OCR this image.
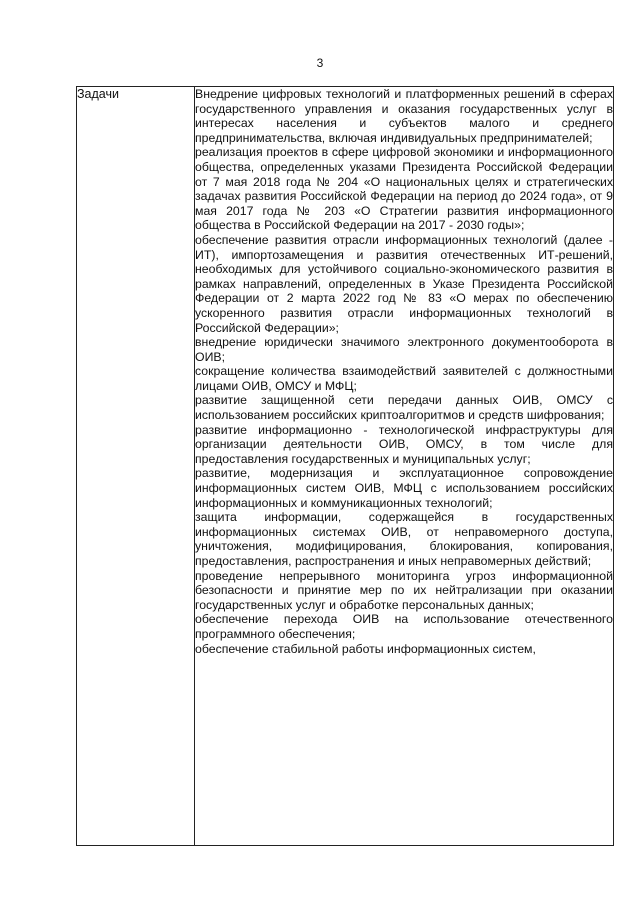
3
Задачи	Внедрение цифровых технологий и платформенных решений в сферах государственного управления и оказания государственных услуг в интересах населения и субъектов малого и среднего предпринимательства, включая индивидуальных предпринимателей;

реализация проектов в сфере цифровой экономики и информационного общества, определенных указами Президента Российской Федерации от 7 мая 2018 года № 204 «О национальных целях и стратегических задачах развития Российской Федерации на период до 2024 года», от 9 мая 2017 года № 203 «О Стратегии развития информационного общества в Российской Федерации на 2017 - 2030 годы»;

обеспечение развития отрасли информационных технологий (далее - ИТ), импортозамещения и развития отечественных ИТ-решений, необходимых для устойчивого социально-экономического развития в рамках направлений, определенных в Указе Президента Российской Федерации от 2 марта 2022 год № 83 «О мерах по обеспечению ускоренного развития отрасли информационных технологий в Российской Федерации»;

внедрение юридически значимого электронного документооборота в ОИВ;

сокращение количества взаимодействий заявителей с должностными лицами ОИВ, ОМСУ и МФЦ;

развитие защищенной сети передачи данных ОИВ, ОМСУ с использованием российских криптоалгоритмов и средств шифрования;

развитие информационно - технологической инфраструктуры для организации деятельности ОИВ, ОМСУ, в том числе для предоставления государственных и муниципальных услуг;

развитие, модернизация и эксплуатационное сопровождение информационных систем ОИВ, МФЦ с использованием российских информационных и коммуникационных технологий;

защита информации, содержащейся в государственных информационных системах ОИВ, от неправомерного доступа, уничтожения, модифицирования, блокирования, копирования, предоставления, распространения и иных неправомерных действий;

проведение непрерывного мониторинга угроз информационной безопасности и принятие мер по их нейтрализации при оказании государственных услуг и обработке персональных данных;

обеспечение перехода ОИВ на использование отечественного программного обеспечения;

обеспечение стабильной работы информационных систем,
